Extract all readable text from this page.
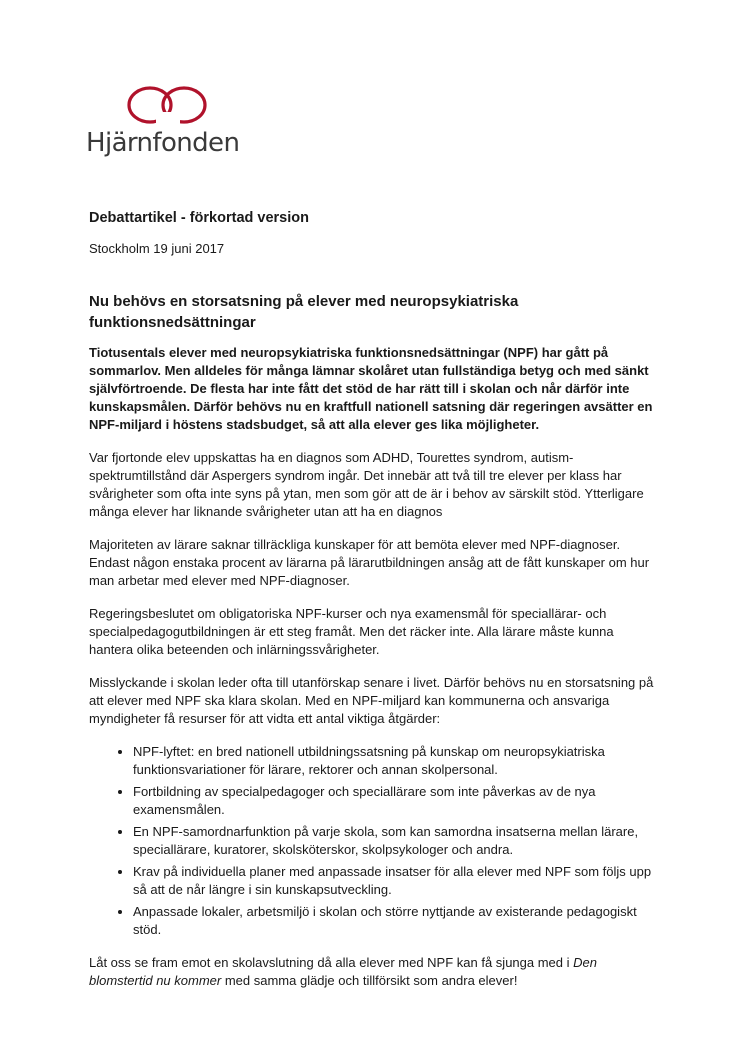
Hjärnfonden
Debattartikel - förkortad version
Stockholm 19 juni 2017
Nu behövs en storsatsning på elever med neuropsykiatriska funktionsnedsättningar

Tiotusentals elever med neuropsykiatriska funktionsnedsättningar (NPF) har gått på sommarlov. Men alldeles för många lämnar skolåret utan fullständiga betyg och med sänkt självförtroende. De flesta har inte fått det stöd de har rätt till i skolan och når därför inte kunskapsmålen. Därför behövs nu en kraftfull nationell satsning där regeringen avsätter en NPF-miljard i höstens stadsbudget, så att alla elever ges lika möjligheter.

Var fjortonde elev uppskattas ha en diagnos som ADHD, Tourettes syndrom, autism-spektrumtillstånd där Aspergers syndrom ingår. Det innebär att två till tre elever per klass har svårigheter som ofta inte syns på ytan, men som gör att de är i behov av särskilt stöd. Ytterligare många elever har liknande svårigheter utan att ha en diagnos

Majoriteten av lärare saknar tillräckliga kunskaper för att bemöta elever med NPF-diagnoser. Endast någon enstaka procent av lärarna på lärarutbildningen ansåg att de fått kunskaper om hur man arbetar med elever med NPF-diagnoser.

Regeringsbeslutet om obligatoriska NPF-kurser och nya examensmål för speciallärar- och specialpedagogutbildningen är ett steg framåt. Men det räcker inte. Alla lärare måste kunna hantera olika beteenden och inlärningssvårigheter.

Misslyckande i skolan leder ofta till utanförskap senare i livet. Därför behövs nu en storsatsning på att elever med NPF ska klara skolan. Med en NPF-miljard kan kommunerna och ansvariga myndigheter få resurser för att vidta ett antal viktiga åtgärder:

• NPF-lyftet: en bred nationell utbildningssatsning på kunskap om neuropsykiatriska funktionsvariationer för lärare, rektorer och annan skolpersonal.
• Fortbildning av specialpedagoger och speciallärare som inte påverkas av de nya examensmålen.
• En NPF-samordnarfunktion på varje skola, som kan samordna insatserna mellan lärare, speciallärare, kuratorer, skolsköterskor, skolpsykologer och andra.
• Krav på individuella planer med anpassade insatser för alla elever med NPF som följs upp så att de når längre i sin kunskapsutveckling.
• Anpassade lokaler, arbetsmiljö i skolan och större nyttjande av existerande pedagogiskt stöd.

Låt oss se fram emot en skolavslutning då alla elever med NPF kan få sjunga med i Den blomstertid nu kommer med samma glädje och tillförsikt som andra elever!
